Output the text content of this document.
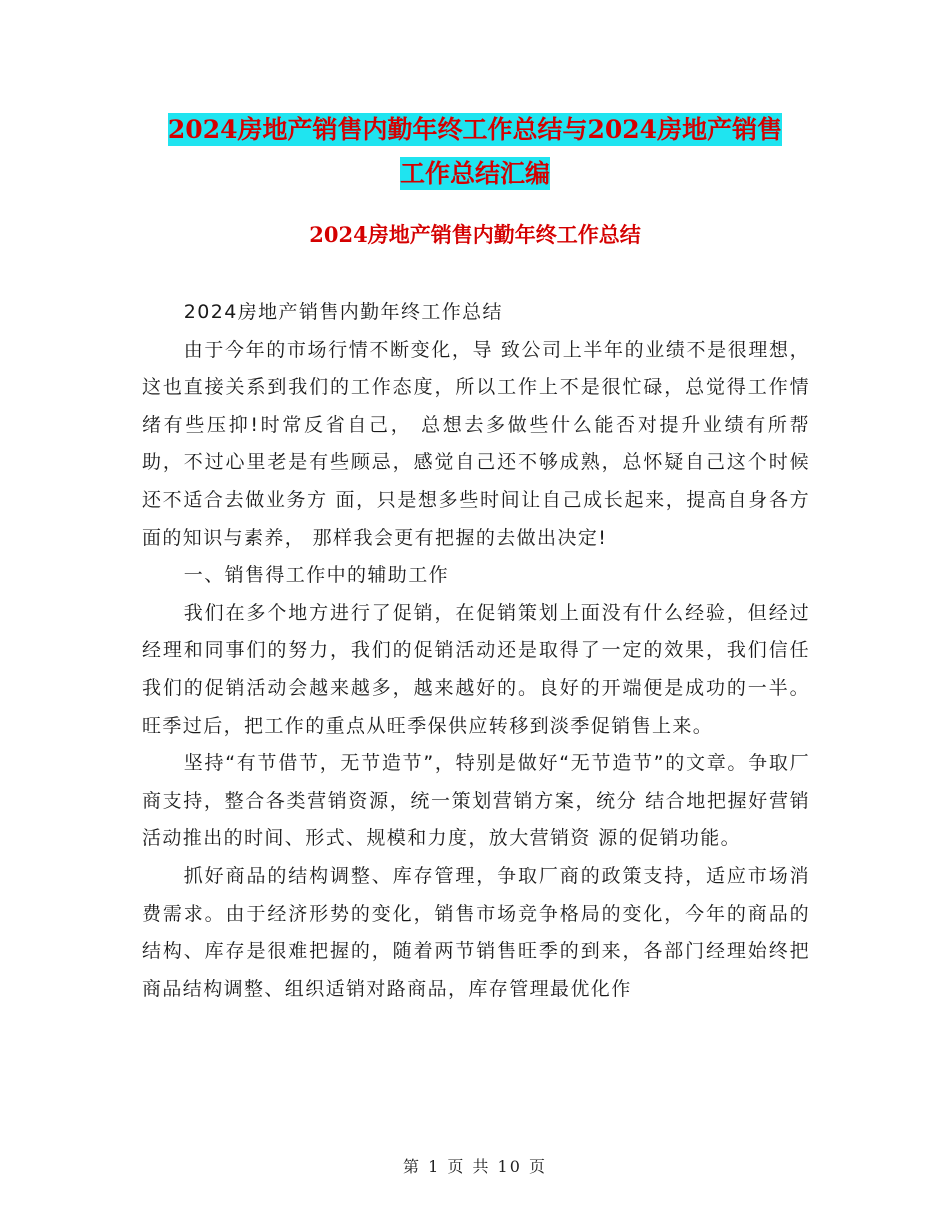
2024房地产销售内勤年终工作总结与2024房地产销售
工作总结汇编
2024房地产销售内勤年终工作总结

2024房地产销售内勤年终工作总结

由于今年的市场行情不断变化，导 致公司上半年的业绩不是很理想，这也直接关系到我们的工作态度，所以工作上不是很忙碌，总觉得工作情绪有些压抑!时常反省自己， 总想去多做些什么能否对提升业绩有所帮助，不过心里老是有些顾忌，感觉自己还不够成熟，总怀疑自己这个时候还不适合去做业务方 面，只是想多些时间让自己成长起来，提高自身各方面的知识与素养， 那样我会更有把握的去做出决定!

一、销售得工作中的辅助工作

我们在多个地方进行了促销，在促销策划上面没有什么经验，但经过经理和同事们的努力，我们的促销活动还是取得了一定的效果，我们信任我们的促销活动会越来越多，越来越好的。良好的开端便是成功的一半。旺季过后，把工作的重点从旺季保供应转移到淡季促销售上来。

坚持“有节借节，无节造节”，特别是做好“无节造节”的文章。争取厂商支持，整合各类营销资源，统一策划营销方案，统分 结合地把握好营销活动推出的时间、形式、规模和力度，放大营销资 源的促销功能。

抓好商品的结构调整、库存管理，争取厂商的政策支持，适应市场消费需求。由于经济形势的变化，销售市场竞争格局的变化，今年的商品的结构、库存是很难把握的，随着两节销售旺季的到来，各部门经理始终把商品结构调整、组织适销对路商品，库存管理最优化作

第 1 页 共 10 页
